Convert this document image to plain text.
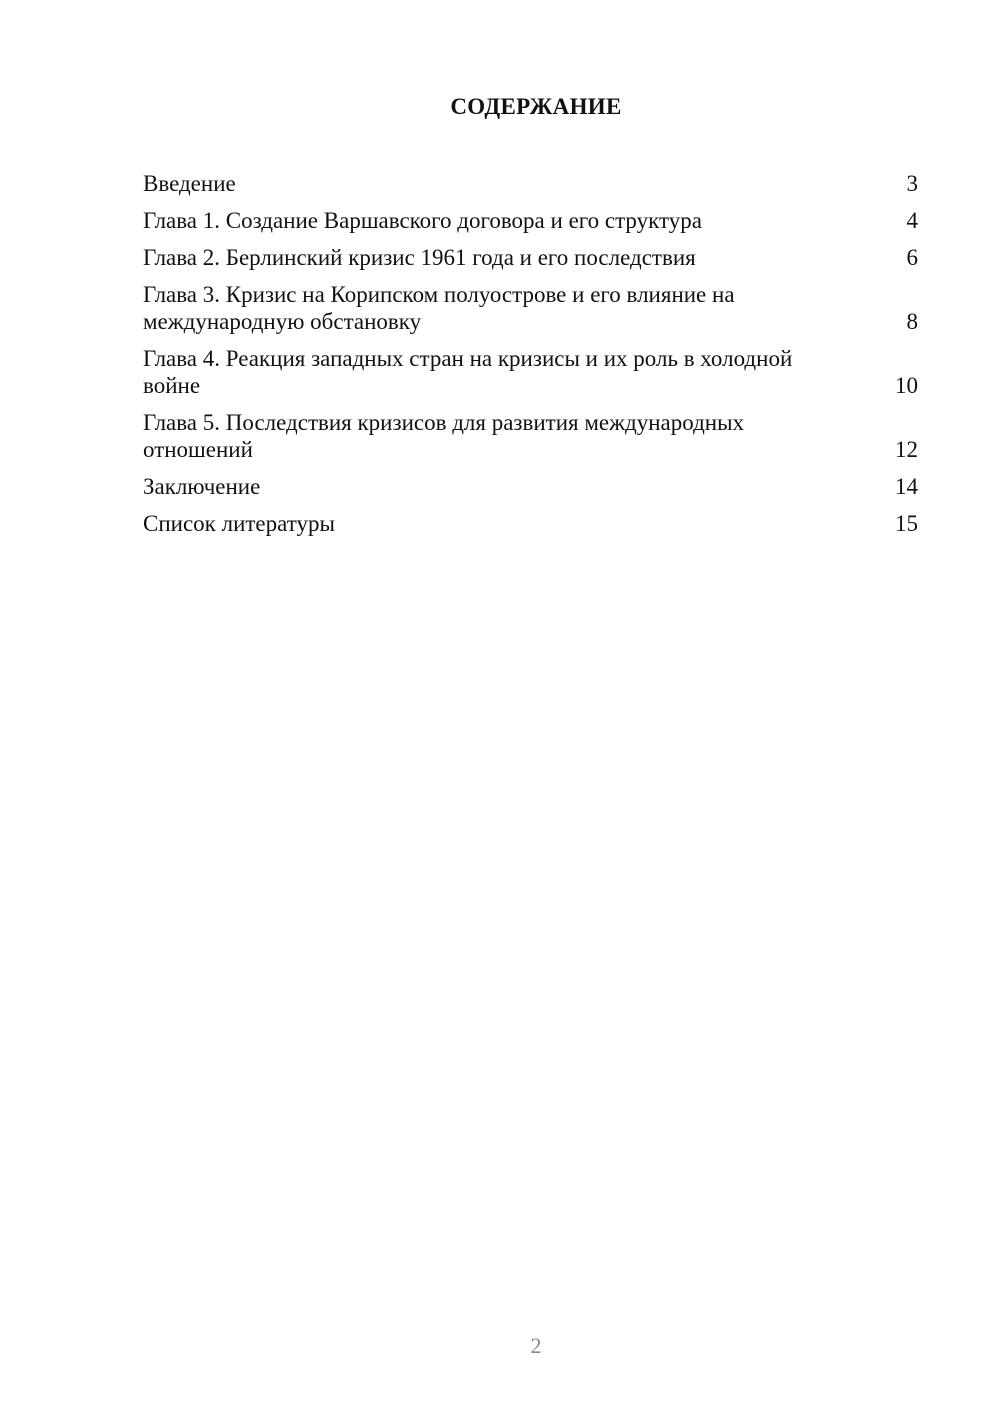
СОДЕРЖАНИЕ
Введение	3
Глава 1. Создание Варшавского договора и его структура	4
Глава 2. Берлинский кризис 1961 года и его последствия	6
Глава 3. Кризис на Корипском полуострове и его влияние на международную обстановку	8
Глава 4. Реакция западных стран на кризисы и их роль в холодной войне	10
Глава 5. Последствия кризисов для развития международных отношений	12
Заключение	14
Список литературы	15
2
